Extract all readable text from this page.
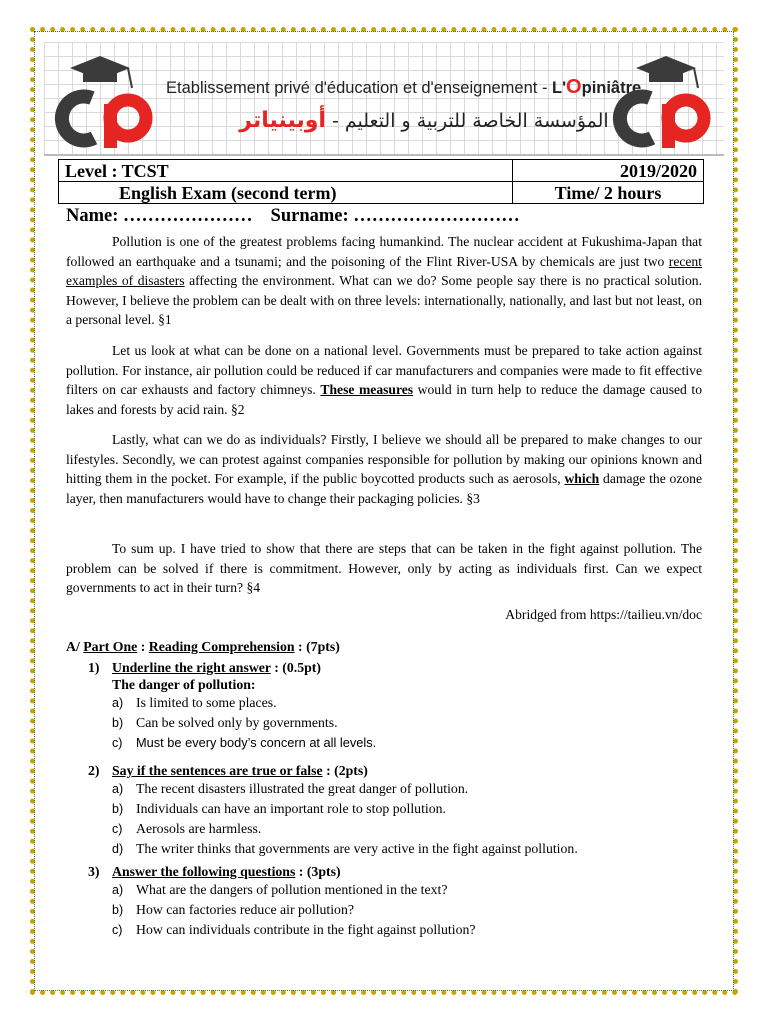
Etablissement privé d'éducation et d'enseignement - L'Opiniâtre
المؤسسة الخاصة للتربية و التعليم - أوبينياتر
Level : TCST	2019/2020
English Exam (second term)	Time/ 2 hours
Name: ………………… Surname: ………………………

Pollution is one of the greatest problems facing humankind. The nuclear accident at Fukushima-Japan that followed an earthquake and a tsunami; and the poisoning of the Flint River-USA by chemicals are just two recent examples of disasters affecting the environment. What can we do? Some people say there is no practical solution. However, I believe the problem can be dealt with on three levels: internationally, nationally, and last but not least, on a personal level. §1

Let us look at what can be done on a national level. Governments must be prepared to take action against pollution. For instance, air pollution could be reduced if car manufacturers and companies were made to fit effective filters on car exhausts and factory chimneys. These measures would in turn help to reduce the damage caused to lakes and forests by acid rain. §2

Lastly, what can we do as individuals? Firstly, I believe we should all be prepared to make changes to our lifestyles. Secondly, we can protest against companies responsible for pollution by making our opinions known and hitting them in the pocket. For example, if the public boycotted products such as aerosols, which damage the ozone layer, then manufacturers would have to change their packaging policies. §3

To sum up. I have tried to show that there are steps that can be taken in the fight against pollution. The problem can be solved if there is commitment. However, only by acting as individuals first. Can we expect governments to act in their turn? §4

Abridged from https://tailieu.vn/doc
A/ Part One : Reading Comprehension : (7pts)
1) Underline the right answer : (0.5pt)
The danger of pollution:
a) Is limited to some places.
b) Can be solved only by governments.
c) Must be every body’s concern at all levels.
2) Say if the sentences are true or false : (2pts)
a) The recent disasters illustrated the great danger of pollution.
b) Individuals can have an important role to stop pollution.
c) Aerosols are harmless.
d) The writer thinks that governments are very active in the fight against pollution.
3) Answer the following questions : (3pts)
a) What are the dangers of pollution mentioned in the text?
b) How can factories reduce air pollution?
c) How can individuals contribute in the fight against pollution?
